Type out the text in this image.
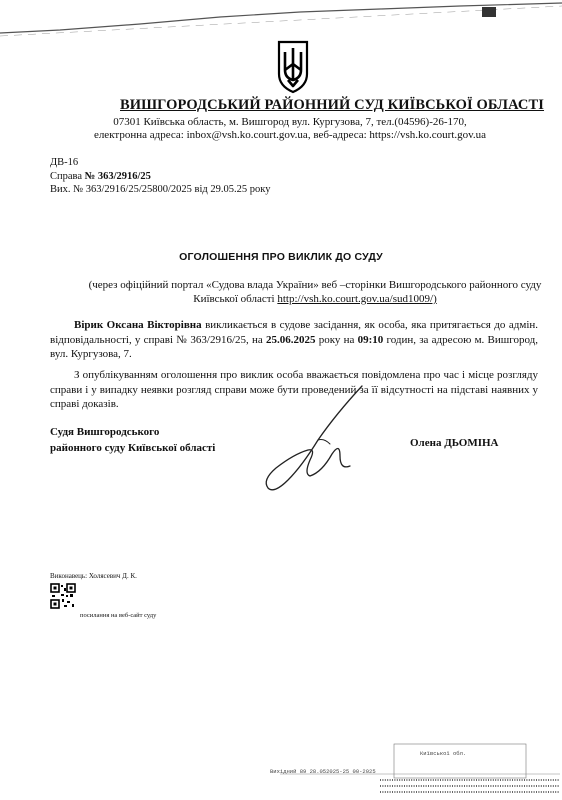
ВИШГОРОДСЬКИЙ РАЙОННИЙ СУД КИЇВСЬКОЇ ОБЛАСТІ
07301 Київська область, м. Вишгород вул. Кургузова, 7, тел.(04596)-26-170,
електронна адреса: inbox@vsh.ko.court.gov.ua, веб-адреса: https://vsh.ko.court.gov.ua
ДВ-16
Справа № 363/2916/25
Вих. № 363/2916/25/25800/2025 від 29.05.25 року
ОГОЛОШЕННЯ ПРО ВИКЛИК ДО СУДУ
(через офіційний портал «Судова влада України» веб –сторінки Вишгородського районного суду Київської області http://vsh.ko.court.gov.ua/sud1009/)
Вірик Оксана Вікторівна викликається в судове засідання, як особа, яка притягається до адмін. відповідальності, у справі № 363/2916/25, на 25.06.2025 року на 09:10 годин, за адресою м. Вишгород, вул. Кургузова, 7.
З опублікуванням оголошення про виклик особа вважається повідомлена про час і місце розгляду справи і у випадку неявки розгляд справи може бути проведений за її відсутності на підставі наявних у справі доказів.
Судя Вишгородського
районного суду Київської області	Олена ДЬОМІНА
Виконавець: Холясевич Д. К.
посилання на веб-сайт суду
Вихідний 89 28.052025-25 00-2025
Київської обл.
